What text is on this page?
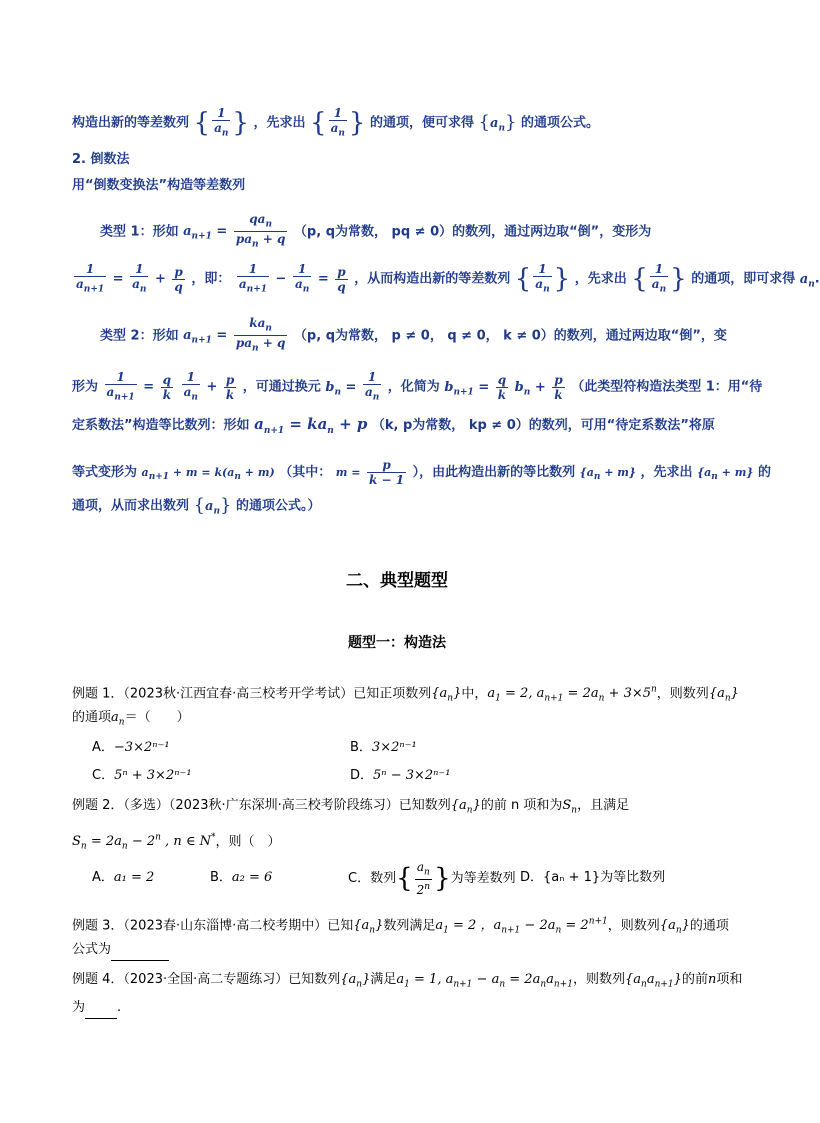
构造出新的等差数列 { $\frac{1}{a_n}$ } ，先求出 { $\frac{1}{a_n}$ } 的通项，便可求得 $\{a_n\}$ 的通项公式。
2. 倒数法
用“倒数变换法”构造等差数列
类型 1：形如 $a_{n+1} = \frac{qa_n}{pa_n + q} (p$, q为常数， pq ≠ 0）的数列，通过两边取“倒”，变形为
$\frac{1}{a_{n+1}} = \frac{1}{a_n} + \frac{p}{q}$ ，即： $\frac{1}{a_{n+1}} - \frac{1}{a_n} = \frac{p}{q}$ ，从而构造出新的等差数列 { $\frac{1}{a_n}$ } ，先求出 { $\frac{1}{a_n}$ } 的通项，即可求得 $a_n$.
类型 2：形如 $a_{n+1} = \frac{ka_n}{pa_n + q} (p$, q为常数， p ≠ 0， q ≠ 0， k ≠ 0）的数列，通过两边取“倒”，变
形为 $\frac{1}{a_{n+1}} = \frac{q}{k}$
$\frac{1}{a_n} + \frac{p}{k}$ ，可通过换元 $b_n = \frac{1}{a_n}$ ，化简为 $b_{n+1} = \frac{q}{k} b_n + \frac{p}{k}$ （此类型符构造法类型 1：用“待
定系数法”构造等比数列：形如 $a_{n+1} = ka_n + p$ （k, p为常数， kp ≠ 0）的数列，可用“待定系数法”将原
等式变形为 $a_{n+1} + m = k(a_n + m)$ （其中： $m = \frac{p}{k - 1}$ ），由此构造出新的等比数列 $\{a_n + m\}$ ，先求出 $\{a_n + m\}$ 的
通项，从而求出数列 $\{a_n\}$ 的通项公式。）
二、典型题型
题型一：构造法
例题 1．（2023秋·江西宜春·高三校考开学考试）已知正项数列$\{a_n\}$中，$a_1 = 2$, $a_{n+1} = 2a_n + 3\times 5^n$，则数列$\{a_n\}$
的通项$a_n=$（　　）
A．−3×2ⁿ⁻¹	B．3×2ⁿ⁻¹
C．5ⁿ + 3×2ⁿ⁻¹	D．5ⁿ − 3×2ⁿ⁻¹
例题 2．（多选）（2023秋·广东深圳·高三校考阶段练习）已知数列$\{a_n\}$的前 n 项和为$S_n$，且满足
$S_n = 2a_n - 2^n$ , n ∈ N*，则（　）
A．a₁ = 2	B．a₂ = 6	C．数列{ $\frac{a_n}{2^n}$ }为等差数列 D．{aₙ + 1}为等比数列
例题 3．（2023春·山东淄博·高二校考期中）已知$\{a_n\}$数列满足$a_1 = 2$ ，$a_{n+1} - 2a_n = 2^{n+1}$，则数列$\{a_n\}$的通项
公式为
例题 4．（2023·全国·高二专题练习）已知数列$\{a_n\}$满足$a_1 = 1$, $a_{n+1} - a_n = 2a_na_{n+1}$，则数列$\{a_na_{n+1}\}$的前n项和
为 .
